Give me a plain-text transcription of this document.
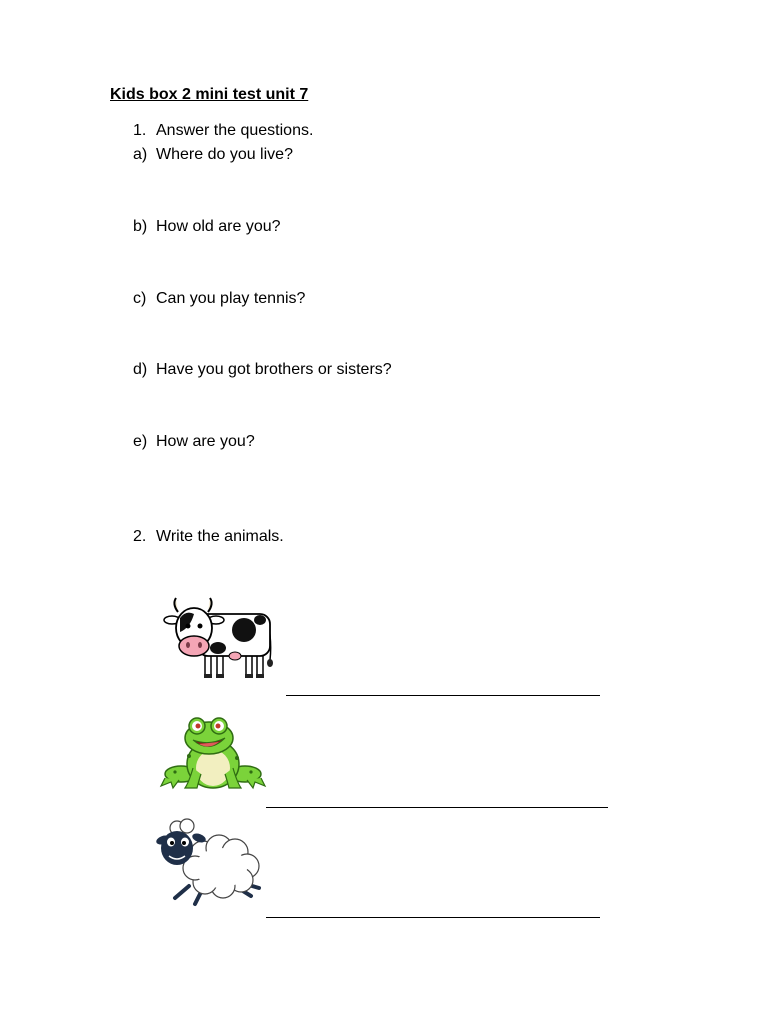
Kids box 2 mini test unit 7
1. Answer the questions.
a) Where do you live?
b) How old are you?
c) Can you play tennis?
d) Have you got brothers or sisters?
e) How are you?
2. Write the animals.
